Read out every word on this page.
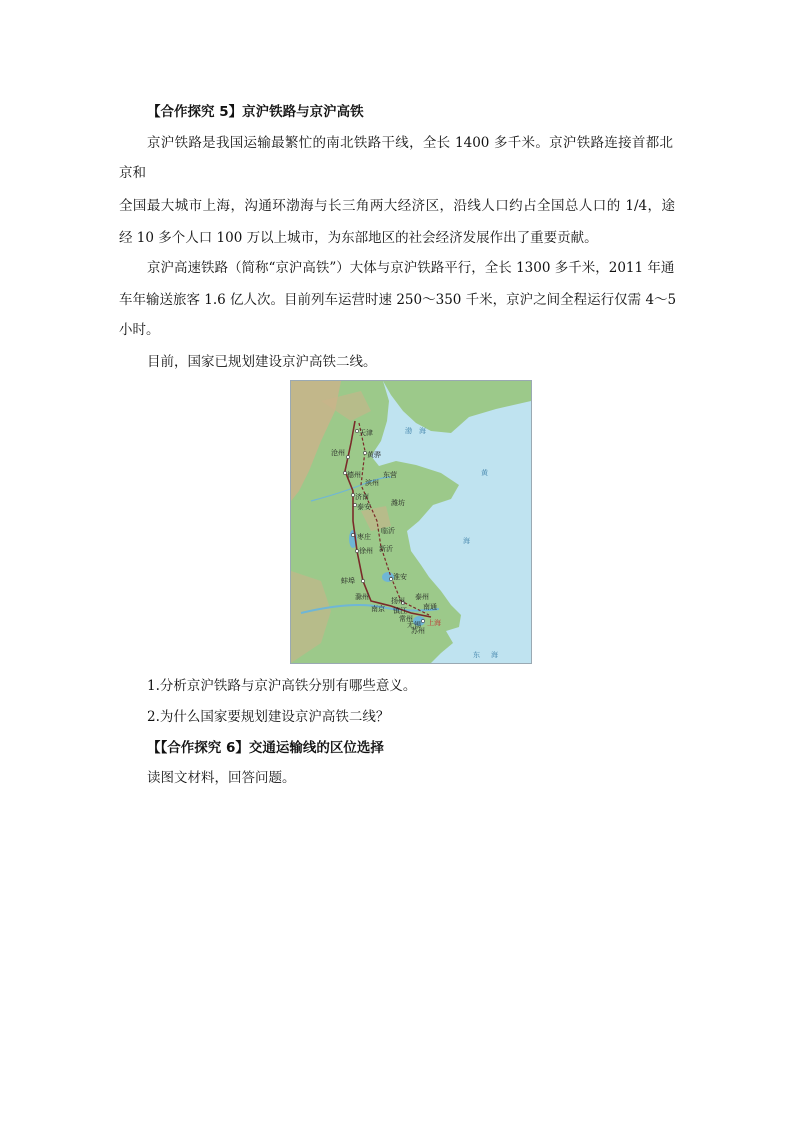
【合作探究 5】京沪铁路与京沪高铁
京沪铁路是我国运输最繁忙的南北铁路干线，全长 1400 多千米。京沪铁路连接首都北
京和
全国最大城市上海，沟通环渤海与长三角两大经济区，沿线人口约占全国总人口的 1/4，途
经 10 多个人口 100 万以上城市，为东部地区的社会经济发展作出了重要贡献。
京沪高速铁路（简称“京沪高铁”）大体与京沪铁路平行，全长 1300 多千米，2011 年通
车年输送旅客 1.6 亿人次。目前列车运营时速 250～350 千米，京沪之间全程运行仅需 4～5
小时。
目前，国家已规划建设京沪高铁二线。
天津
沧州	黄骅
德州
滨州
东营
济南
泰安	潍坊
临沂
枣庄
徐州 新沂
淮安
蚌埠
滁州	泰州
扬州
南通
南京 镇江
常州
无锡
苏州
上海
渤 海
黄
海
东 海
1.分析京沪铁路与京沪高铁分别有哪些意义。
2.为什么国家要规划建设京沪高铁二线？
【【合作探究 6】交通运输线的区位选择
读图文材料，回答问题。
